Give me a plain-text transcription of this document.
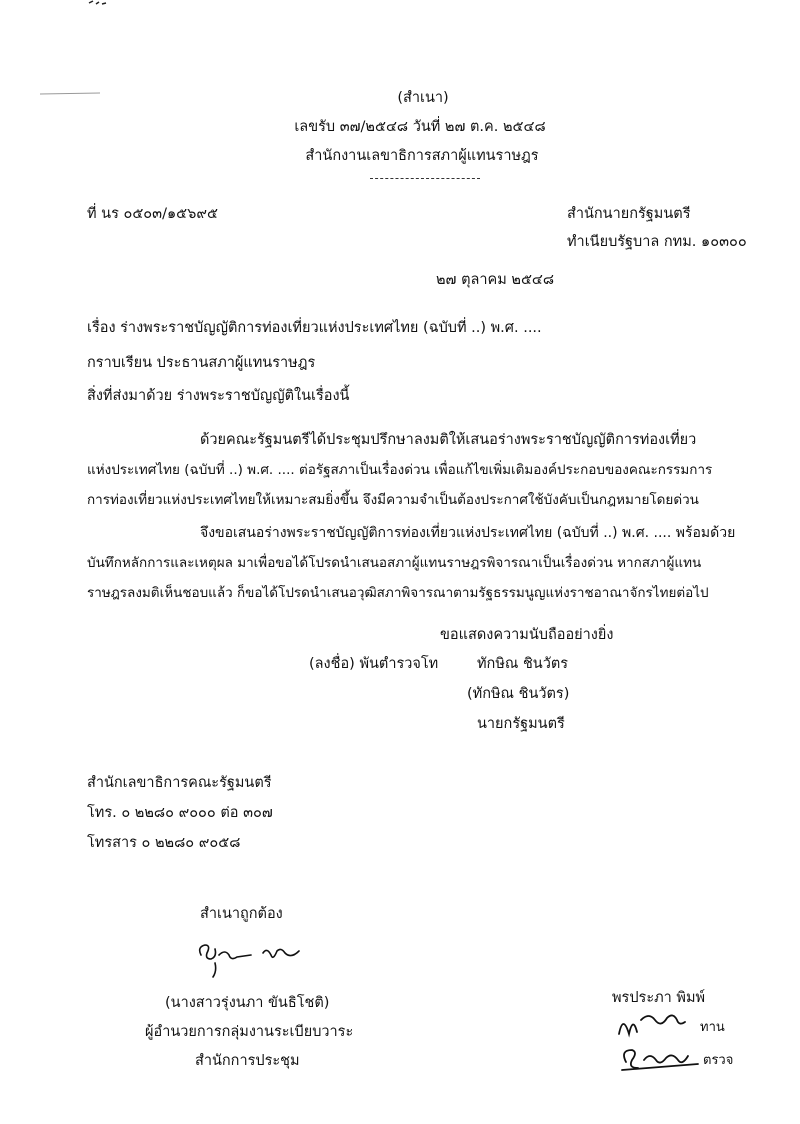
(สำเนา)
เลขรับ ๓๗/๒๕๔๘ วันที่ ๒๗ ต.ค. ๒๕๔๘
สำนักงานเลขาธิการสภาผู้แทนราษฎร
ที่ นร ๐๕๐๓/๑๕๖๙๕	สำนักนายกรัฐมนตรี
ทำเนียบรัฐบาล กทม. ๑๐๓๐๐
๒๗ ตุลาคม ๒๕๔๘
เรื่อง ร่างพระราชบัญญัติการท่องเที่ยวแห่งประเทศไทย (ฉบับที่ ..) พ.ศ. ....
กราบเรียน ประธานสภาผู้แทนราษฎร
สิ่งที่ส่งมาด้วย ร่างพระราชบัญญัติในเรื่องนี้
ด้วยคณะรัฐมนตรีได้ประชุมปรึกษาลงมติให้เสนอร่างพระราชบัญญัติการท่องเที่ยว
แห่งประเทศไทย (ฉบับที่ ..) พ.ศ. .... ต่อรัฐสภาเป็นเรื่องด่วน เพื่อแก้ไขเพิ่มเติมองค์ประกอบของคณะกรรมการ
การท่องเที่ยวแห่งประเทศไทยให้เหมาะสมยิ่งขึ้น จึงมีความจำเป็นต้องประกาศใช้บังคับเป็นกฎหมายโดยด่วน
จึงขอเสนอร่างพระราชบัญญัติการท่องเที่ยวแห่งประเทศไทย (ฉบับที่ ..) พ.ศ. .... พร้อมด้วย
บันทึกหลักการและเหตุผล มาเพื่อขอได้โปรดนำเสนอสภาผู้แทนราษฎรพิจารณาเป็นเรื่องด่วน หากสภาผู้แทน
ราษฎรลงมติเห็นชอบแล้ว ก็ขอได้โปรดนำเสนอวุฒิสภาพิจารณาตามรัฐธรรมนูญแห่งราชอาณาจักรไทยต่อไป
ขอแสดงความนับถืออย่างยิ่ง
(ลงชื่อ) พันตำรวจโท	ทักษิณ ชินวัตร
(ทักษิณ ชินวัตร)
นายกรัฐมนตรี
สำนักเลขาธิการคณะรัฐมนตรี
โทร. ๐ ๒๒๘๐ ๙๐๐๐ ต่อ ๓๐๗
โทรสาร ๐ ๒๒๘๐ ๙๐๕๘
สำเนาถูกต้อง
(นางสาวรุ่งนภา ขันธิโชติ)
ผู้อำนวยการกลุ่มงานระเบียบวาระ
สำนักการประชุม
พรประภา พิมพ์
ทาน
ตรวจ
